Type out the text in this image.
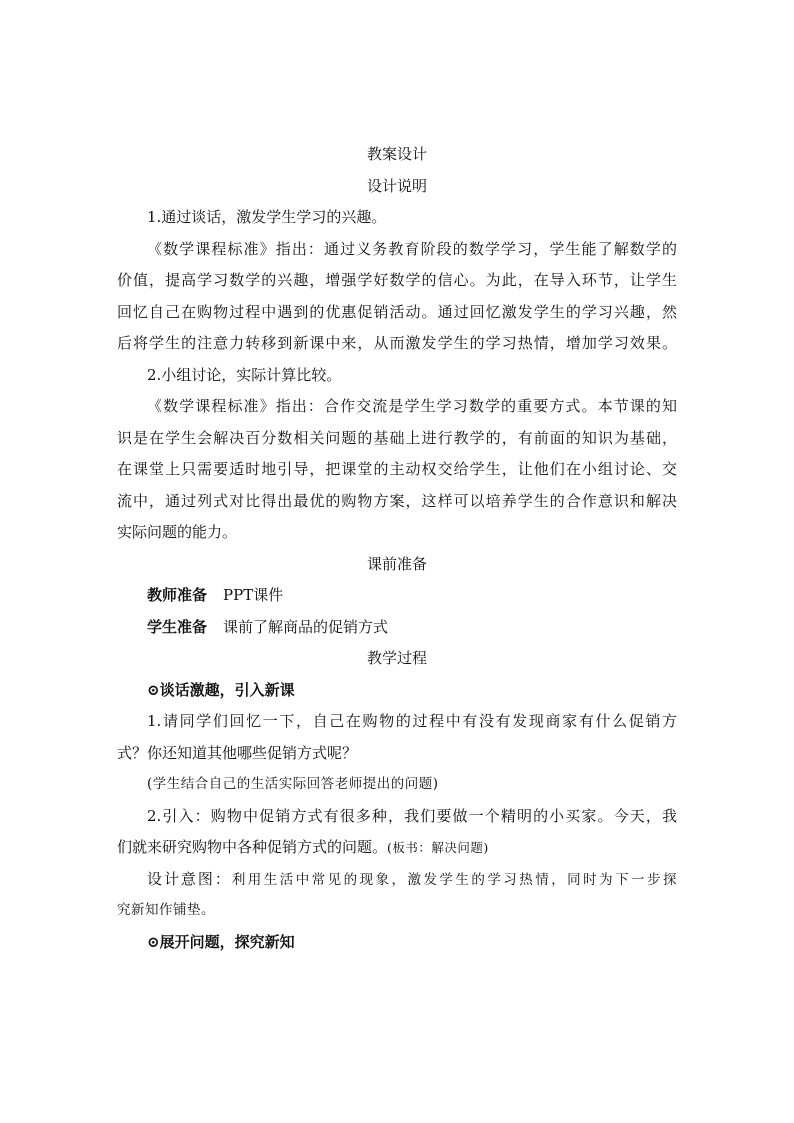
教案设计
设计说明
1.通过谈话，激发学生学习的兴趣。
《数学课程标准》指出：通过义务教育阶段的数学学习，学生能了解数学的
价值，提高学习数学的兴趣，增强学好数学的信心。为此，在导入环节，让学生
回忆自己在购物过程中遇到的优惠促销活动。通过回忆激发学生的学习兴趣，然
后将学生的注意力转移到新课中来，从而激发学生的学习热情，增加学习效果。
2.小组讨论，实际计算比较。
《数学课程标准》指出：合作交流是学生学习数学的重要方式。本节课的知
识是在学生会解决百分数相关问题的基础上进行教学的，有前面的知识为基础，
在课堂上只需要适时地引导，把课堂的主动权交给学生，让他们在小组讨论、交
流中，通过列式对比得出最优的购物方案，这样可以培养学生的合作意识和解决
实际问题的能力。
课前准备
教师准备 PPT课件
学生准备 课前了解商品的促销方式
教学过程
⊙谈话激趣，引入新课
1.请同学们回忆一下，自己在购物的过程中有没有发现商家有什么促销方
式？你还知道其他哪些促销方式呢？
(学生结合自己的生活实际回答老师提出的问题)
2.引入：购物中促销方式有很多种，我们要做一个精明的小买家。今天，我
们就来研究购物中各种促销方式的问题。(板书：解决问题)
设计意图：利用生活中常见的现象，激发学生的学习热情，同时为下一步探
究新知作铺垫。
⊙展开问题，探究新知
